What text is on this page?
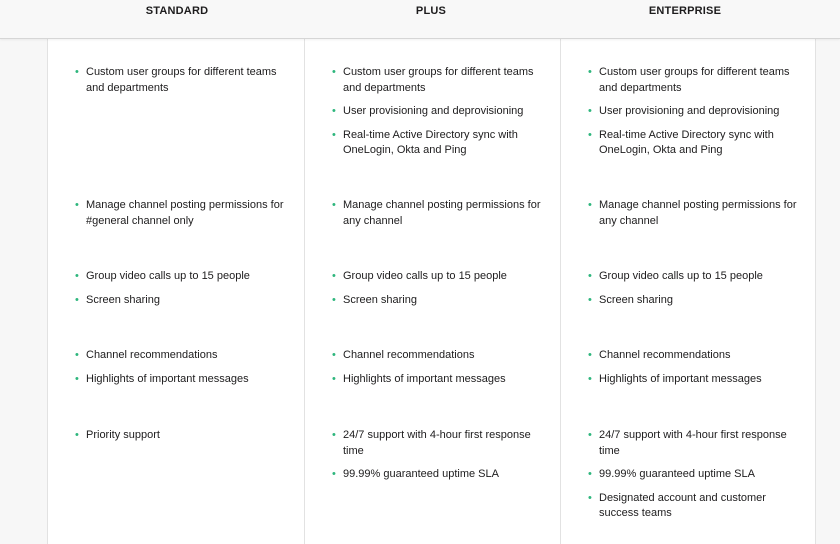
STANDARD	PLUS	ENTERPRISE
• Custom user groups for different teams and departments
• Manage channel posting permissions for #general channel only
• Group video calls up to 15 people
• Screen sharing
• Channel recommendations
• Highlights of important messages
• Priority support
• Custom user groups for different teams and departments
• User provisioning and deprovisioning
• Real-time Active Directory sync with OneLogin, Okta and Ping
• Manage channel posting permissions for any channel
• Group video calls up to 15 people
• Screen sharing
• Channel recommendations
• Highlights of important messages
• 24/7 support with 4-hour first response time
• 99.99% guaranteed uptime SLA
• Custom user groups for different teams and departments
• User provisioning and deprovisioning
• Real-time Active Directory sync with OneLogin, Okta and Ping
• Manage channel posting permissions for any channel
• Group video calls up to 15 people
• Screen sharing
• Channel recommendations
• Highlights of important messages
• 24/7 support with 4-hour first response time
• 99.99% guaranteed uptime SLA
• Designated account and customer success teams
